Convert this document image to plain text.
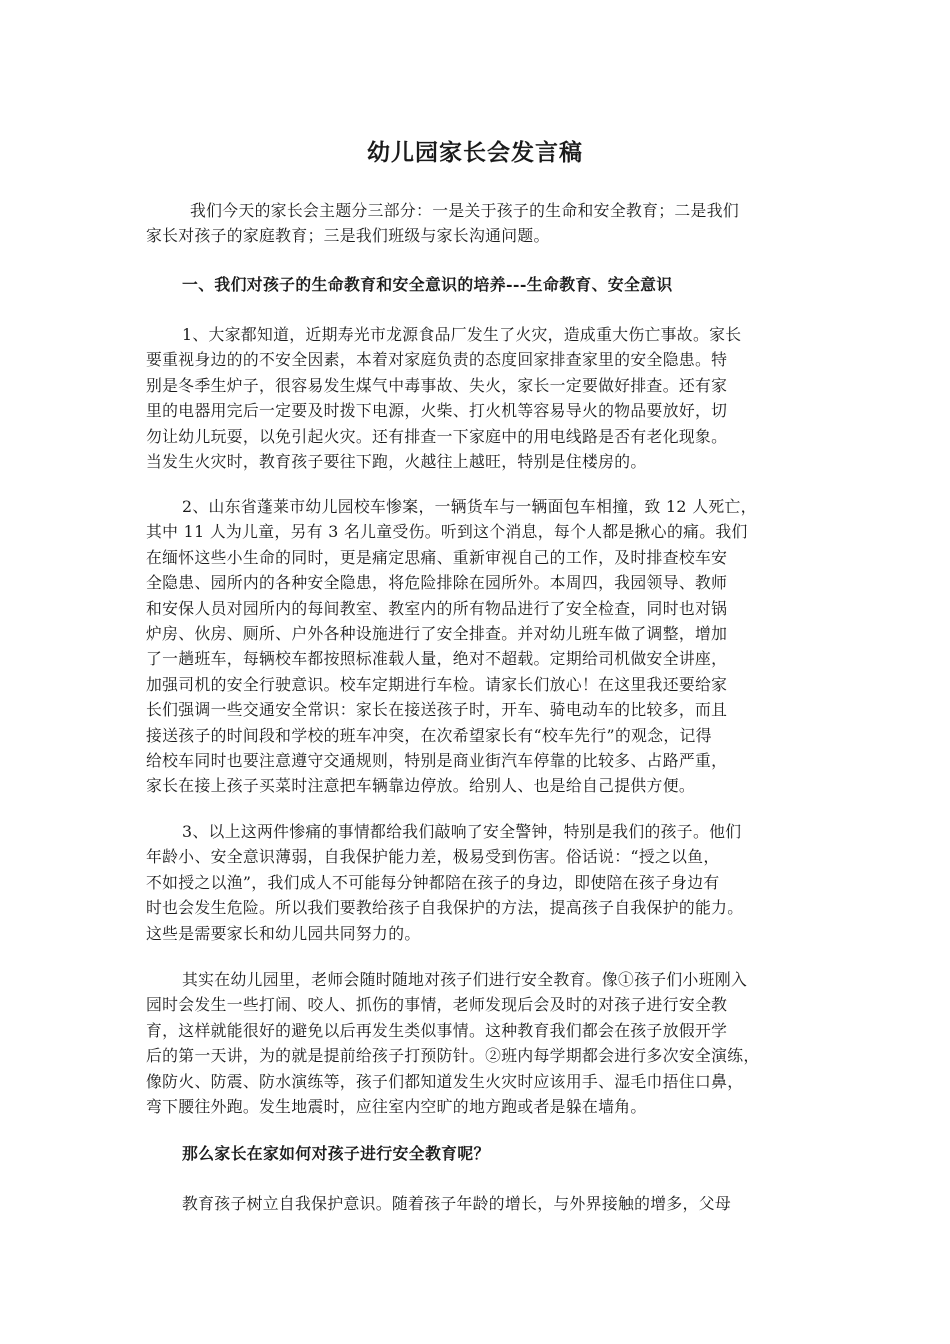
幼儿园家长会发言稿
我们今天的家长会主题分三部分：一是关于孩子的生命和安全教育；二是我们
家长对孩子的家庭教育；三是我们班级与家长沟通问题。
一、我们对孩子的生命教育和安全意识的培养---生命教育、安全意识
1、大家都知道，近期寿光市龙源食品厂发生了火灾，造成重大伤亡事故。家长
要重视身边的的不安全因素，本着对家庭负责的态度回家排查家里的安全隐患。特
别是冬季生炉子，很容易发生煤气中毒事故、失火，家长一定要做好排查。还有家
里的电器用完后一定要及时拨下电源，火柴、打火机等容易导火的物品要放好，切
勿让幼儿玩耍，以免引起火灾。还有排查一下家庭中的用电线路是否有老化现象。
当发生火灾时，教育孩子要往下跑，火越往上越旺，特别是住楼房的。
2、山东省蓬莱市幼儿园校车惨案，一辆货车与一辆面包车相撞，致 12 人死亡，
其中 11 人为儿童，另有 3 名儿童受伤。听到这个消息，每个人都是揪心的痛。我们
在缅怀这些小生命的同时，更是痛定思痛、重新审视自己的工作，及时排查校车安
全隐患、园所内的各种安全隐患，将危险排除在园所外。本周四，我园领导、教师
和安保人员对园所内的每间教室、教室内的所有物品进行了安全检查，同时也对锅
炉房、伙房、厕所、户外各种设施进行了安全排查。并对幼儿班车做了调整，增加
了一趟班车，每辆校车都按照标准载人量，绝对不超载。定期给司机做安全讲座，
加强司机的安全行驶意识。校车定期进行车检。请家长们放心！在这里我还要给家
长们强调一些交通安全常识：家长在接送孩子时，开车、骑电动车的比较多，而且
接送孩子的时间段和学校的班车冲突，在次希望家长有“校车先行”的观念，记得
给校车同时也要注意遵守交通规则，特别是商业街汽车停靠的比较多、占路严重，
家长在接上孩子买菜时注意把车辆靠边停放。给别人、也是给自己提供方便。
3、以上这两件惨痛的事情都给我们敲响了安全警钟，特别是我们的孩子。他们
年龄小、安全意识薄弱，自我保护能力差，极易受到伤害。俗话说：“授之以鱼，
不如授之以渔”，我们成人不可能每分钟都陪在孩子的身边，即使陪在孩子身边有
时也会发生危险。所以我们要教给孩子自我保护的方法，提高孩子自我保护的能力。
这些是需要家长和幼儿园共同努力的。
其实在幼儿园里，老师会随时随地对孩子们进行安全教育。像①孩子们小班刚入
园时会发生一些打闹、咬人、抓伤的事情，老师发现后会及时的对孩子进行安全教
育，这样就能很好的避免以后再发生类似事情。这种教育我们都会在孩子放假开学
后的第一天讲，为的就是提前给孩子打预防针。②班内每学期都会进行多次安全演练，
像防火、防震、防水演练等，孩子们都知道发生火灾时应该用手、湿毛巾捂住口鼻，
弯下腰往外跑。发生地震时，应往室内空旷的地方跑或者是躲在墙角。
那么家长在家如何对孩子进行安全教育呢？
教育孩子树立自我保护意识。随着孩子年龄的增长，与外界接触的增多，父母
